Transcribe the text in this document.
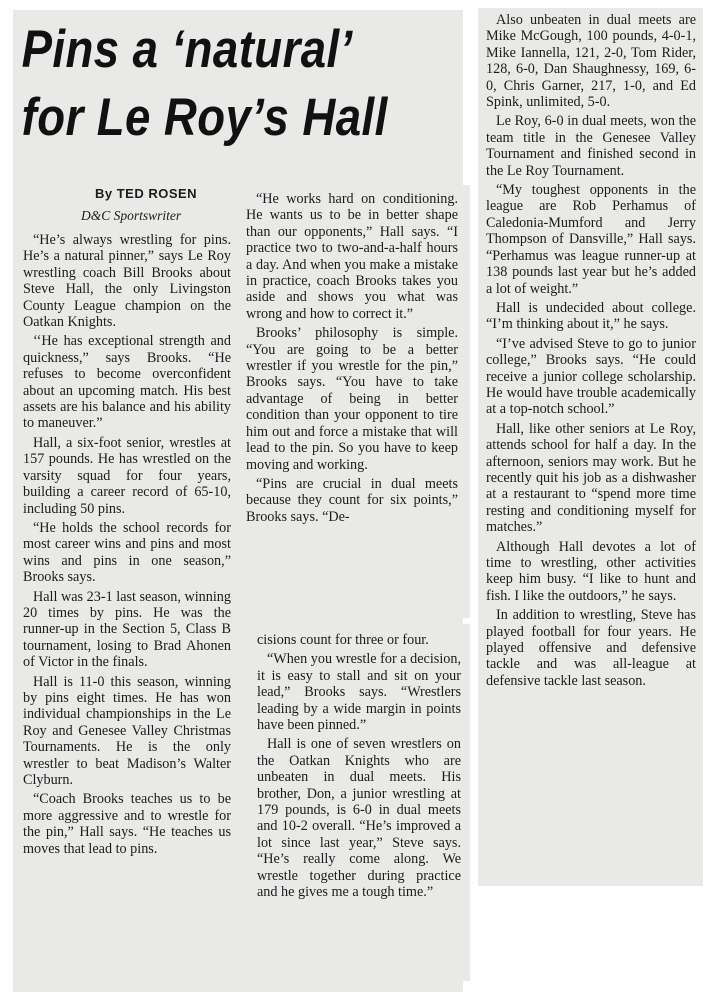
Pins a ‘natural’
for Le Roy’s Hall
By TED ROSEN
D&C Sportswriter

“He’s always wrestling for pins. He’s a natural pinner,” says Le Roy wrestling coach Bill Brooks about Steve Hall, the only Livingston County League champion on the Oatkan Knights.

‘‘He has exceptional strength and quickness,” says Brooks. “He refuses to become overconfident about an upcoming match. His best assets are his balance and his ability to maneuver.”

Hall, a six-foot senior, wrestles at 157 pounds. He has wrestled on the varsity squad for four years, building a career record of 65-10, including 50 pins.

“He holds the school records for most career wins and pins and most wins and pins in one season,” Brooks says.

Hall was 23-1 last season, winning 20 times by pins. He was the runner-up in the Section 5, Class B tournament, losing to Brad Ahonen of Victor in the finals.

Hall is 11-0 this season, winning by pins eight times. He has won individual championships in the Le Roy and Genesee Valley Christmas Tournaments. He is the only wrestler to beat Madison’s Walter Clyburn.

“Coach Brooks teaches us to be more aggressive and to wrestle for the pin,” Hall says. “He teaches us moves that lead to pins.

“He works hard on conditioning. He wants us to be in better shape than our opponents,” Hall says. “I practice two to two-and-a-half hours a day. And when you make a mistake in practice, coach Brooks takes you aside and shows you what was wrong and how to correct it.”

Brooks’ philosophy is simple. “You are going to be a better wrestler if you wrestle for the pin,” Brooks says. “You have to take advantage of being in better condition than your opponent to tire him out and force a mistake that will lead to the pin. So you have to keep moving and working.

“Pins are crucial in dual meets because they count for six points,” Brooks says. “De-

cisions count for three or four.

“When you wrestle for a decision, it is easy to stall and sit on your lead,” Brooks says. “Wrestlers leading by a wide margin in points have been pinned.”

Hall is one of seven wrestlers on the Oatkan Knights who are unbeaten in dual meets. His brother, Don, a junior wrestling at 179 pounds, is 6-0 in dual meets and 10-2 overall. “He’s improved a lot since last year,” Steve says. “He’s really come along. We wrestle together during practice and he gives me a tough time.”

Also unbeaten in dual meets are Mike McGough, 100 pounds, 4-0-1, Mike Iannella, 121, 2-0, Tom Rider, 128, 6-0, Dan Shaughnessy, 169, 6-0, Chris Garner, 217, 1-0, and Ed Spink, unlimited, 5-0.

Le Roy, 6-0 in dual meets, won the team title in the Genesee Valley Tournament and finished second in the Le Roy Tournament.

“My toughest opponents in the league are Rob Perhamus of Caledonia-Mumford and Jerry Thompson of Dansville,” Hall says. “Perhamus was league runner-up at 138 pounds last year but he’s added a lot of weight.”

Hall is undecided about college. “I’m thinking about it,” he says.

“I’ve advised Steve to go to junior college,” Brooks says. “He could receive a junior college scholarship. He would have trouble academically at a top-notch school.”

Hall, like other seniors at Le Roy, attends school for half a day. In the afternoon, seniors may work. But he recently quit his job as a dishwasher at a restaurant to “spend more time resting and conditioning myself for matches.”

Although Hall devotes a lot of time to wrestling, other activities keep him busy. “I like to hunt and fish. I like the outdoors,” he says.

In addition to wrestling, Steve has played football for four years. He played offensive and defensive tackle and was all-league at defensive tackle last season.
